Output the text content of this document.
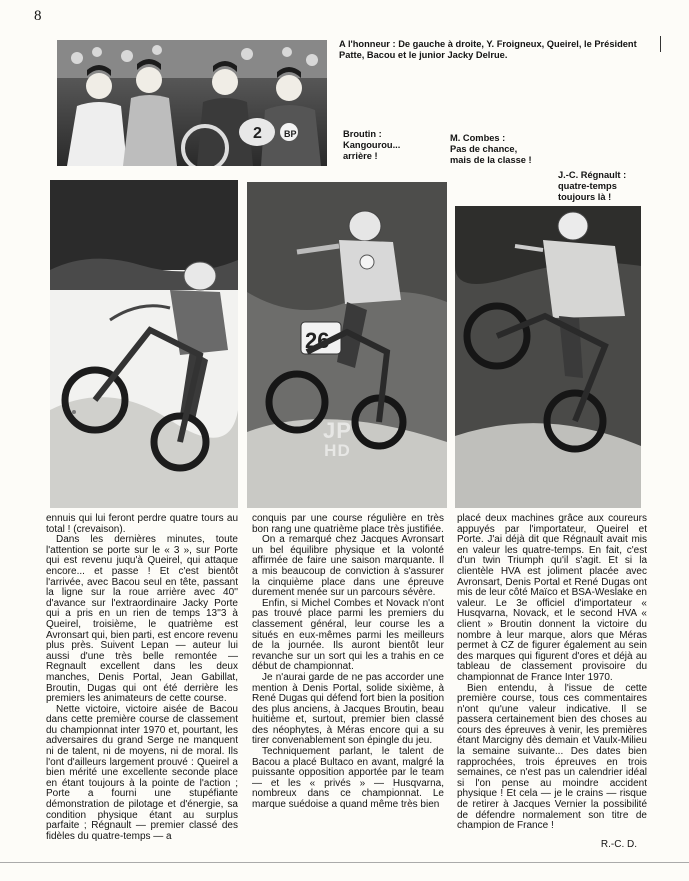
8
BP
2

A l'honneur : De gauche à droite, Y. Froigneux, Queirel, le Président Patte, Bacou et le junior Jacky Delrue.

Broutin :

Kangourou...

arrière !

M. Combes :

Pas de chance,

mais de la classe !

J.-C. Régnault :

quatre-temps

toujours là !

26
JP
HD

ennuis qui lui feront perdre quatre tours au total ! (crevaison).

Dans les dernières minutes, toute l'attention se porte sur le « 3 », sur Porte qui est revenu juqu'à Queirel, qui attaque encore... et passe ! Et c'est bientôt l'arrivée, avec Bacou seul en tête, passant la ligne sur la roue arrière avec 40'' d'avance sur l'extraordinaire Jacky Porte qui a pris en un rien de temps 13''3 à Queirel, troisième, le quatrième est Avronsart qui, bien parti, est encore revenu plus près. Suivent Lepan — auteur lui aussi d'une très belle remontée — Regnault excellent dans les deux manches, Denis Portal, Jean Gabillat, Broutin, Dugas qui ont été derrière les premiers les animateurs de cette course.

Nette victoire, victoire aisée de Bacou dans cette première course de classement du championnat inter 1970 et, pourtant, les adversaires du grand Serge ne manquent ni de talent, ni de moyens, ni de moral. Ils l'ont d'ailleurs largement prouvé : Queirel a bien mérité une excellente seconde place en étant toujours à la pointe de l'action ; Porte a fourni une stupéfiante démonstration de pilotage et d'énergie, sa condition physique étant au surplus parfaite ; Régnault — premier classé des fidèles du quatre-temps — a

conquis par une course régulière en très bon rang une quatrième place très justifiée.

On a remarqué chez Jacques Avronsart un bel équilibre physique et la volonté affirmée de faire une saison marquante. Il a mis beaucoup de conviction à s'assurer la cinquième place dans une épreuve durement menée sur un parcours sévère.

Enfin, si Michel Combes et Novack n'ont pas trouvé place parmi les premiers du classement général, leur course les a situés en eux-mêmes parmi les meilleurs de la journée. Ils auront bientôt leur revanche sur un sort qui les a trahis en ce début de championnat.

Je n'aurai garde de ne pas accorder une mention à Denis Portal, solide sixième, à René Dugas qui défend fort bien la position des plus anciens, à Jacques Broutin, beau huitième et, surtout, premier bien classé des néophytes, à Méras encore qui a su tirer convenablement son épingle du jeu.

Techniquement parlant, le talent de Bacou a placé Bultaco en avant, malgré la puissante opposition apportée par le team — et les « privés » — Husqvarna, nombreux dans ce championnat. Le marque suédoise a quand même très bien

placé deux machines grâce aux coureurs appuyés par l'importateur, Queirel et Porte. J'ai déjà dit que Régnault avait mis en valeur les quatre-temps. En fait, c'est d'un twin Triumph qu'il s'agit. Et si la clientèle HVA est joliment placée avec Avronsart, Denis Portal et René Dugas ont mis de leur côté Maïco et BSA-Weslake en valeur. Le 3e officiel d'importateur « Husqvarna, Novack, et le second HVA « client » Broutin donnent la victoire du nombre à leur marque, alors que Méras permet à CZ de figurer également au sein des marques qui figurent d'ores et déjà au tableau de classement provisoire du championnat de France Inter 1970.

Bien entendu, à l'issue de cette première course, tous ces commentaires n'ont qu'une valeur indicative. Il se passera certainement bien des choses au cours des épreuves à venir, les premières étant Marcigny dès demain et Vaulx-Milieu la semaine suivante... Des dates bien rapprochées, trois épreuves en trois semaines, ce n'est pas un calendrier idéal si l'on pense au moindre accident physique ! Et cela — je le crains — risque de retirer à Jacques Vernier la possibilité de défendre normalement son titre de champion de France !

R.-C. D.
